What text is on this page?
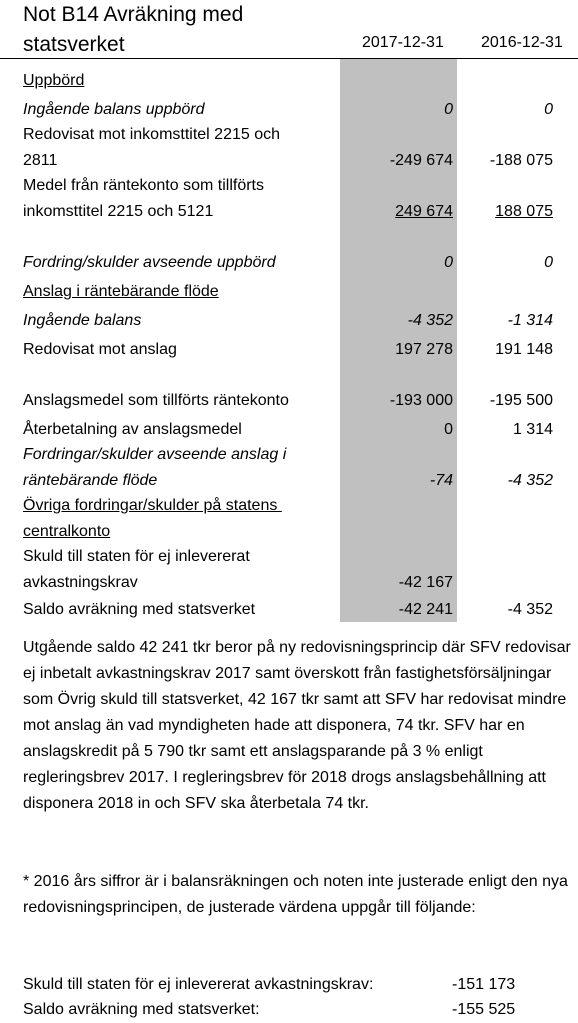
Not B14 Avräkning med
statsverket	2017-12-31 2016-12-31
Uppbörd
Ingående balans uppbörd	0	0
Redovisat mot inkomsttitel 2215 och
2811	-249 674 -188 075
Medel från räntekonto som tillförts
inkomsttitel 2215 och 5121	249 674	188 075
Fordring/skulder avseende uppbörd	0	0
Anslag i räntebärande flöde
Ingående balans	-4 352	-1 314
Redovisat mot anslag	197 278	191 148
Anslagsmedel som tillförts räntekonto	-193 000 -195 500
Återbetalning av anslagsmedel	0	1 314
Fordringar/skulder avseende anslag i
räntebärande flöde	-74	-4 352
Övriga fordringar/skulder på statens
centralkonto
Skuld till staten för ej inlevererat
avkastningskrav	-42 167
Saldo avräkning med statsverket	-42 241	-4 352
Utgående saldo 42 241 tkr beror på ny redovisningsprincip där SFV redovisar ej inbetalt avkastningskrav 2017 samt överskott från fastighetsförsäljningar som Övrig skuld till statsverket, 42 167 tkr samt att SFV har redovisat mindre mot anslag än vad myndigheten hade att disponera, 74 tkr. SFV har en anslagskredit på 5 790 tkr samt ett anslagsparande på 3 % enligt regleringsbrev 2017. I regleringsbrev för 2018 drogs anslagsbehållning att disponera 2018 in och SFV ska återbetala 74 tkr.
* 2016 års siffror är i balansräkningen och noten inte justerade enligt den nya redovisningsprincipen, de justerade värdena uppgår till följande:
Skuld till staten för ej inlevererat avkastningskrav:	-151 173
Saldo avräkning med statsverket:	-155 525
